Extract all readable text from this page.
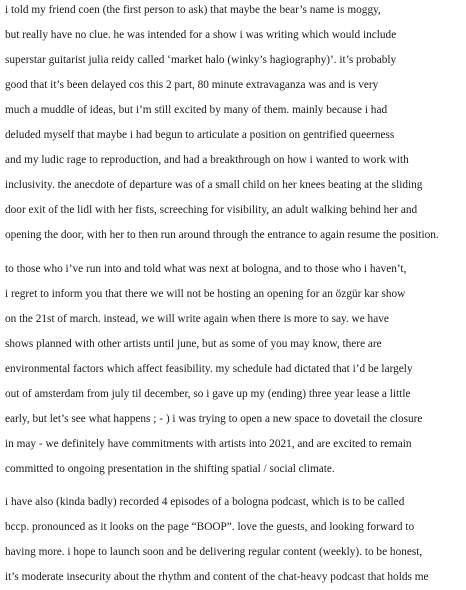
i told my friend coen (the first person to ask) that maybe the bear’s name is moggy,
but really have no clue. he was intended for a show i was writing which would include
superstar guitarist julia reidy called ‘market halo (winky’s hagiography)’. it’s probably
good that it’s been delayed cos this 2 part, 80 minute extravaganza was and is very
much a muddle of ideas, but i’m still excited by many of them. mainly because i had
deluded myself that maybe i had begun to articulate a position on gentrified queerness
and my ludic rage to reproduction, and had a breakthrough on how i wanted to work with
inclusivity. the anecdote of departure was of a small child on her knees beating at the sliding
door exit of the lidl with her fists, screeching for visibility, an adult walking behind her and
opening the door, with her to then run around through the entrance to again resume the position.
to those who i’ve run into and told what was next at bologna, and to those who i haven’t,
i regret to inform you that there we will not be hosting an opening for an özgür kar show
on the 21st of march. instead, we will write again when there is more to say. we have
shows planned with other artists until june, but as some of you may know, there are
environmental factors which affect feasibility. my schedule had dictated that i’d be largely
out of amsterdam from july til december, so i gave up my (ending) three year lease a little
early, but let’s see what happens ; - ) i was trying to open a new space to dovetail the closure
in may - we definitely have commitments with artists into 2021, and are excited to remain
committed to ongoing presentation in the shifting spatial / social climate.
i have also (kinda badly) recorded 4 episodes of a bologna podcast, which is to be called
bccp. pronounced as it looks on the page “BOOP”. love the guests, and looking forward to
having more. i hope to launch soon and be delivering regular content (weekly). to be honest,
it’s moderate insecurity about the rhythm and content of the chat-heavy podcast that holds me
